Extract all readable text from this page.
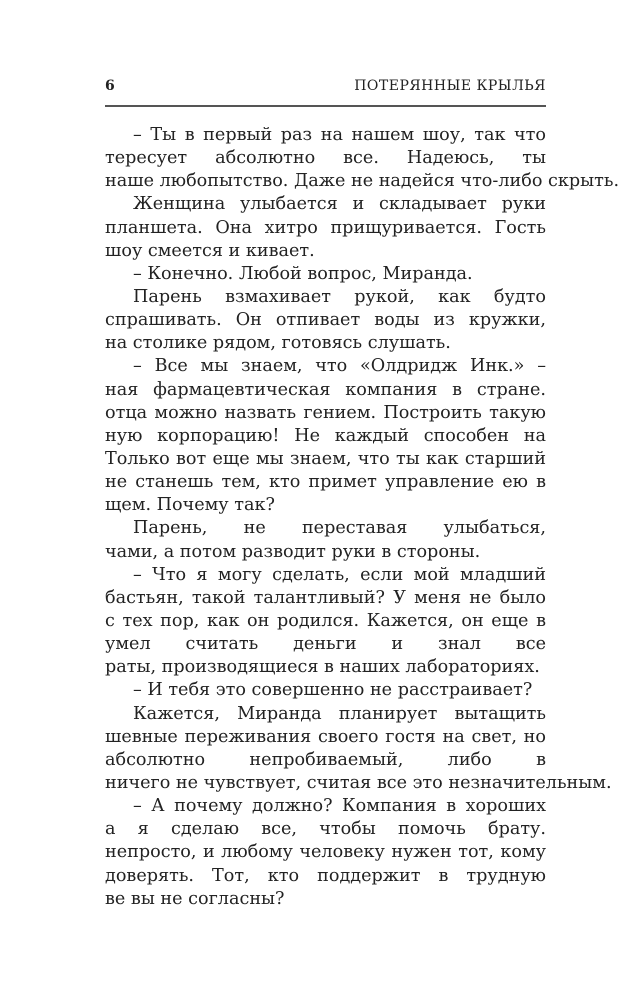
6	ПОТЕРЯННЫЕ КРЫЛЬЯ
– Ты в первый раз на нашем шоу, так что
тересует абсолютно все. Надеюсь, ты
наше любопытство. Даже не надейся что-либо скрыть.
Женщина улыбается и складывает руки
планшета. Она хитро прищуривается. Гость
шоу смеется и кивает.
– Конечно. Любой вопрос, Миранда.
Парень взмахивает рукой, как будто
спрашивать. Он отпивает воды из кружки,
на столике рядом, готовясь слушать.
– Все мы знаем, что «Олдридж Инк.» –
ная фармацевтическая компания в стране.
отца можно назвать гением. Построить такую
ную корпорацию! Не каждый способен на
Только вот еще мы знаем, что ты как старший
не станешь тем, кто примет управление ею в
щем. Почему так?
Парень, не переставая улыбаться,
чами, а потом разводит руки в стороны.
– Что я могу сделать, если мой младший
бастьян, такой талантливый? У меня не было
с тех пор, как он родился. Кажется, он еще в
умел считать деньги и знал все
раты, производящиеся в наших лабораториях.
– И тебя это совершенно не расстраивает?
Кажется, Миранда планирует вытащить
шевные переживания своего гостя на свет, но
абсолютно непробиваемый, либо в
ничего не чувствует, считая все это незначительным.
– А почему должно? Компания в хороших
а я сделаю все, чтобы помочь брату.
непросто, и любому человеку нужен тот, кому
доверять. Тот, кто поддержит в трудную
ве вы не согласны?
